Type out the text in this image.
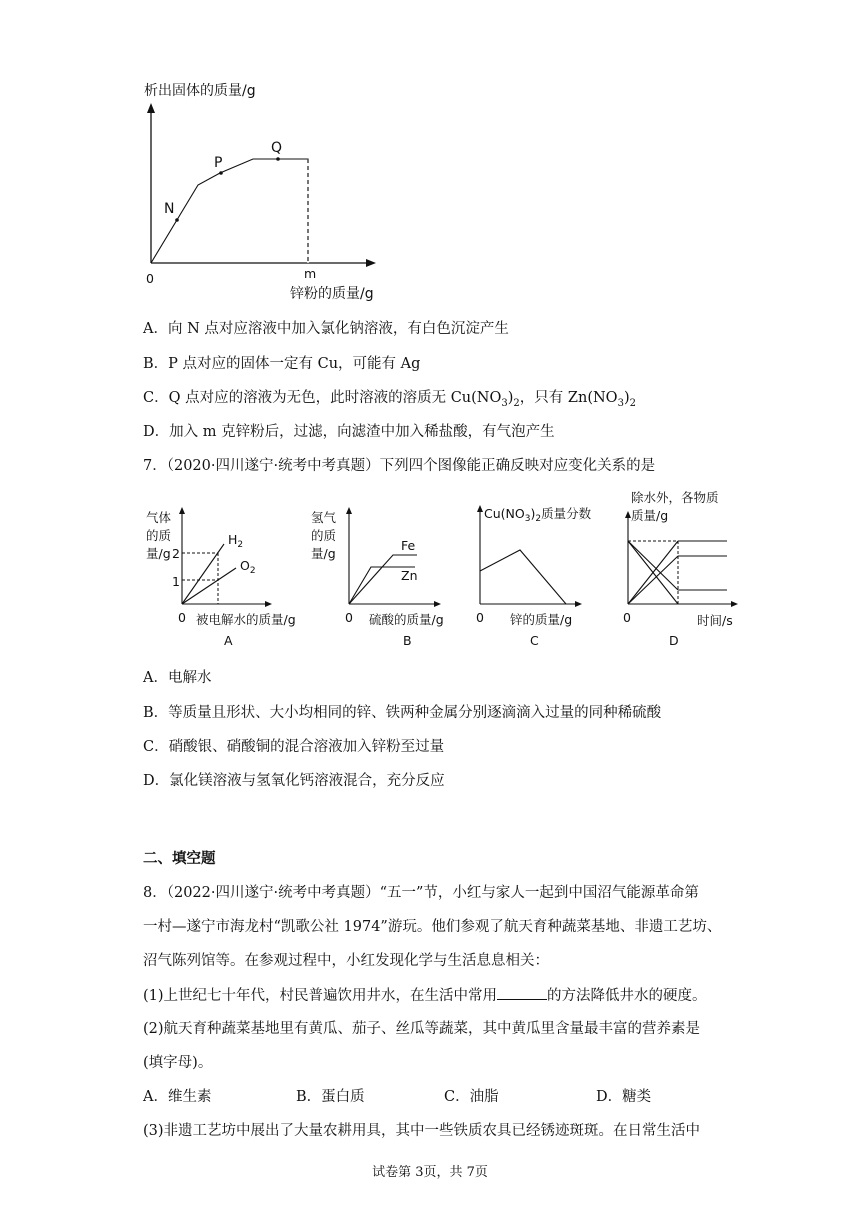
析出固体的质量/g
N
P
Q
0	m
锌粉的质量/g
A．向 N 点对应溶液中加入氯化钠溶液，有白色沉淀产生
B．P 点对应的固体一定有 Cu，可能有 Ag
C．Q 点对应的溶液为无色，此时溶液的溶质无 $Cu(NO_3)_2$，只有 $Zn(NO_3)_2$
D．加入 m 克锌粉后，过滤，向滤渣中加入稀盐酸，有气泡产生
7．（2020·四川遂宁·统考中考真题）下列四个图像能正确反映对应变化关系的是
气体
的质
量/g 2
1
$H_2$
$O_2$
0 被电解水的质量/g
A
氢气
的质
量/g
Fe
Zn
0 硫酸的质量/g
B
$Cu(NO_3)_2$质量分数
0 锌的质量/g
C
除水外，各物质
质量/g
0	时间/s
D
A．电解水
B．等质量且形状、大小均相同的锌、铁两种金属分别逐滴滴入过量的同种稀硫酸
C．硝酸银、硝酸铜的混合溶液加入锌粉至过量
D．氯化镁溶液与氢氧化钙溶液混合，充分反应
二、填空题
8．（2022·四川遂宁·统考中考真题）“五一”节，小红与家人一起到中国沼气能源革命第
一村—遂宁市海龙村“凯歌公社 1974”游玩。他们参观了航天育种蔬菜基地、非遗工艺坊、
沼气陈列馆等。在参观过程中，小红发现化学与生活息息相关：
(1)上世纪七十年代，村民普遍饮用井水，在生活中常用	的方法降低井水的硬度。
(2)航天育种蔬菜基地里有黄瓜、茄子、丝瓜等蔬菜，其中黄瓜里含量最丰富的营养素是
(填字母)。
A．维生素	B．蛋白质	C．油脂	D．糖类
(3)非遗工艺坊中展出了大量农耕用具，其中一些铁质农具已经锈迹斑斑。在日常生活中
试卷第 3页，共 7页
